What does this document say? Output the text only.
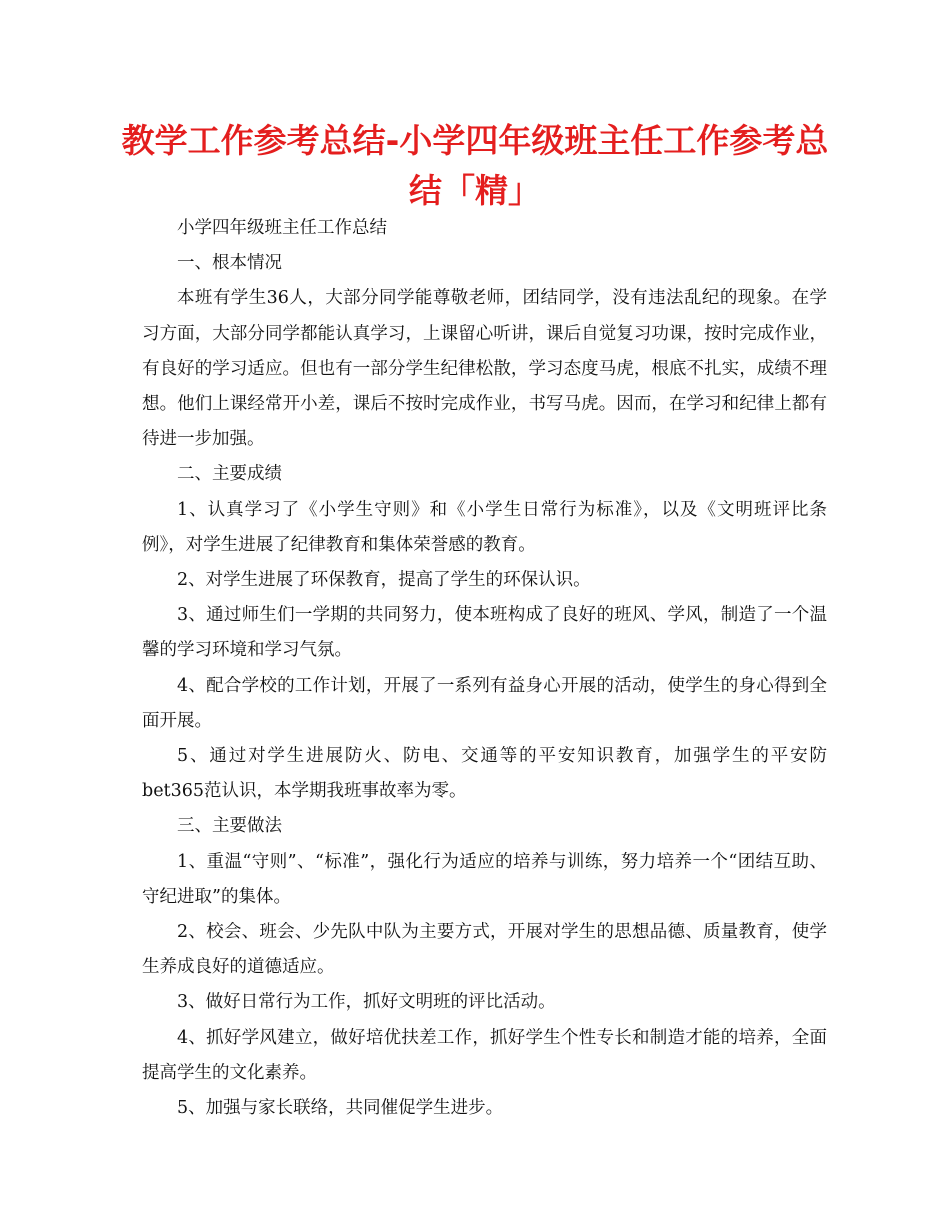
教学工作参考总结-小学四年级班主任工作参考总结「精」

小学四年级班主任工作总结

一、根本情况

本班有学生36人，大部分同学能尊敬老师，团结同学，没有违法乱纪的现象。在学习方面，大部分同学都能认真学习，上课留心听讲，课后自觉复习功课，按时完成作业，有良好的学习适应。但也有一部分学生纪律松散，学习态度马虎，根底不扎实，成绩不理想。他们上课经常开小差，课后不按时完成作业，书写马虎。因而，在学习和纪律上都有待进一步加强。

二、主要成绩

1、认真学习了《小学生守则》和《小学生日常行为标准》，以及《文明班评比条例》，对学生进展了纪律教育和集体荣誉感的教育。

2、对学生进展了环保教育，提高了学生的环保认识。

3、通过师生们一学期的共同努力，使本班构成了良好的班风、学风，制造了一个温馨的学习环境和学习气氛。

4、配合学校的工作计划，开展了一系列有益身心开展的活动，使学生的身心得到全面开展。

5、通过对学生进展防火、防电、交通等的平安知识教育，加强学生的平安防bet365范认识，本学期我班事故率为零。

三、主要做法

1、重温“守则”、“标准”，强化行为适应的培养与训练，努力培养一个“团结互助、守纪进取”的集体。

2、校会、班会、少先队中队为主要方式，开展对学生的思想品德、质量教育，使学生养成良好的道德适应。

3、做好日常行为工作，抓好文明班的评比活动。

4、抓好学风建立，做好培优扶差工作，抓好学生个性专长和制造才能的培养，全面提高学生的文化素养。

5、加强与家长联络，共同催促学生进步。
